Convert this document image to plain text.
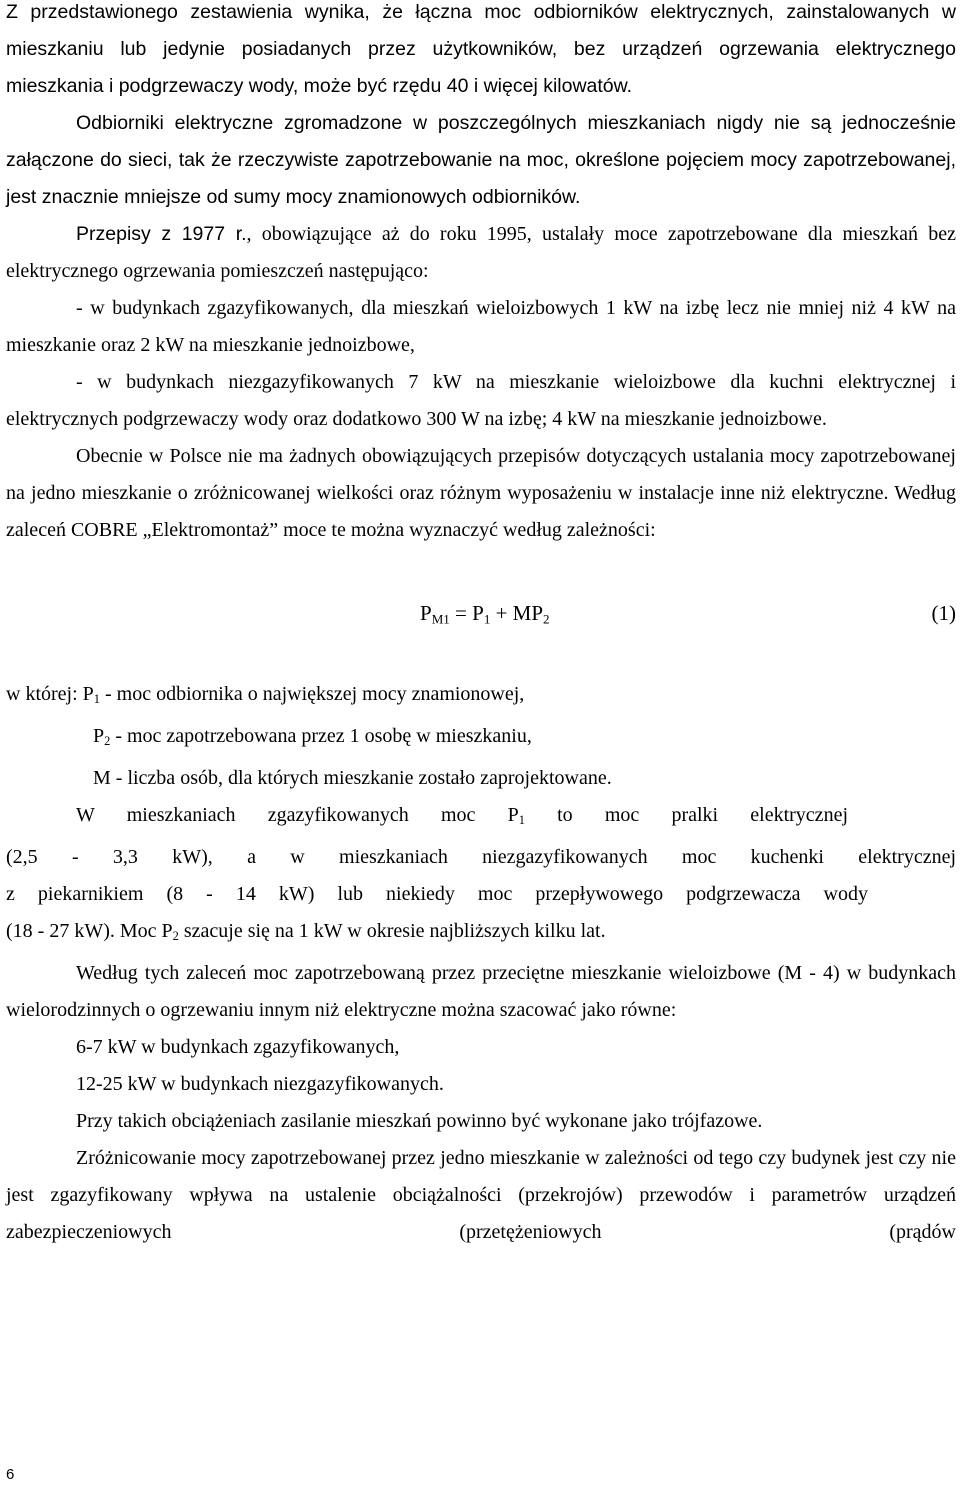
Z przedstawionego zestawienia wynika, że łączna moc odbiorników elektrycznych, zainstalowanych w mieszkaniu lub jedynie posiadanych przez użytkowników, bez urządzeń ogrzewania elektrycznego mieszkania i podgrzewaczy wody, może być rzędu 40 i więcej kilowatów.

Odbiorniki elektryczne zgromadzone w poszczególnych mieszkaniach nigdy nie są jednocześnie załączone do sieci, tak że rzeczywiste zapotrzebowanie na moc, określone pojęciem mocy zapotrzebowanej, jest znacznie mniejsze od sumy mocy znamionowych odbiorników.

Przepisy z 1977 r., obowiązujące aż do roku 1995, ustalały moce zapotrzebowane dla mieszkań bez elektrycznego ogrzewania pomieszczeń następująco:

- w budynkach zgazyfikowanych, dla mieszkań wieloizbowych 1 kW na izbę lecz nie mniej niż 4 kW na mieszkanie oraz 2 kW na mieszkanie jednoizbowe,

- w budynkach niezgazyfikowanych 7 kW na mieszkanie wieloizbowe dla kuchni elektrycznej i elektrycznych podgrzewaczy wody oraz dodatkowo 300 W na izbę; 4 kW na mieszkanie jednoizbowe.

Obecnie w Polsce nie ma żadnych obowiązujących przepisów dotyczących ustalania mocy zapotrzebowanej na jedno mieszkanie o zróżnicowanej wielkości oraz różnym wyposażeniu w instalacje inne niż elektryczne. Według zaleceń COBRE „Elektromontaż” moce te można wyznaczyć według zależności:

$P_{M1} = P_1 + MP_2$	(1)
w której: $P_1$ - moc odbiornika o największej mocy znamionowej,
$P_2$ - moc zapotrzebowana przez 1 osobę w mieszkaniu,
M - liczba osób, dla których mieszkanie zostało zaprojektowane.
W mieszkaniach zgazyfikowanych moc $P_1$ to moc pralki elektrycznej
(2,5 - 3,3 kW), a w mieszkaniach niezgazyfikowanych moc kuchenki elektrycznej
z piekarnikiem (8 - 14 kW) lub niekiedy moc przepływowego podgrzewacza wody
(18 - 27 kW). Moc $P_2$ szacuje się na 1 kW w okresie najbliższych kilku lat.

Według tych zaleceń moc zapotrzebowaną przez przeciętne mieszkanie wieloizbowe (M - 4) w budynkach wielorodzinnych o ogrzewaniu innym niż elektryczne można szacować jako równe:

6-7 kW w budynkach zgazyfikowanych,
12-25 kW w budynkach niezgazyfikowanych.

Przy takich obciążeniach zasilanie mieszkań powinno być wykonane jako trójfazowe.

Zróżnicowanie mocy zapotrzebowanej przez jedno mieszkanie w zależności od tego czy budynek jest czy nie jest zgazyfikowany wpływa na ustalenie obciążalności (przekrojów) przewodów i parametrów urządzeń zabezpieczeniowych (przetężeniowych (prądów

6
